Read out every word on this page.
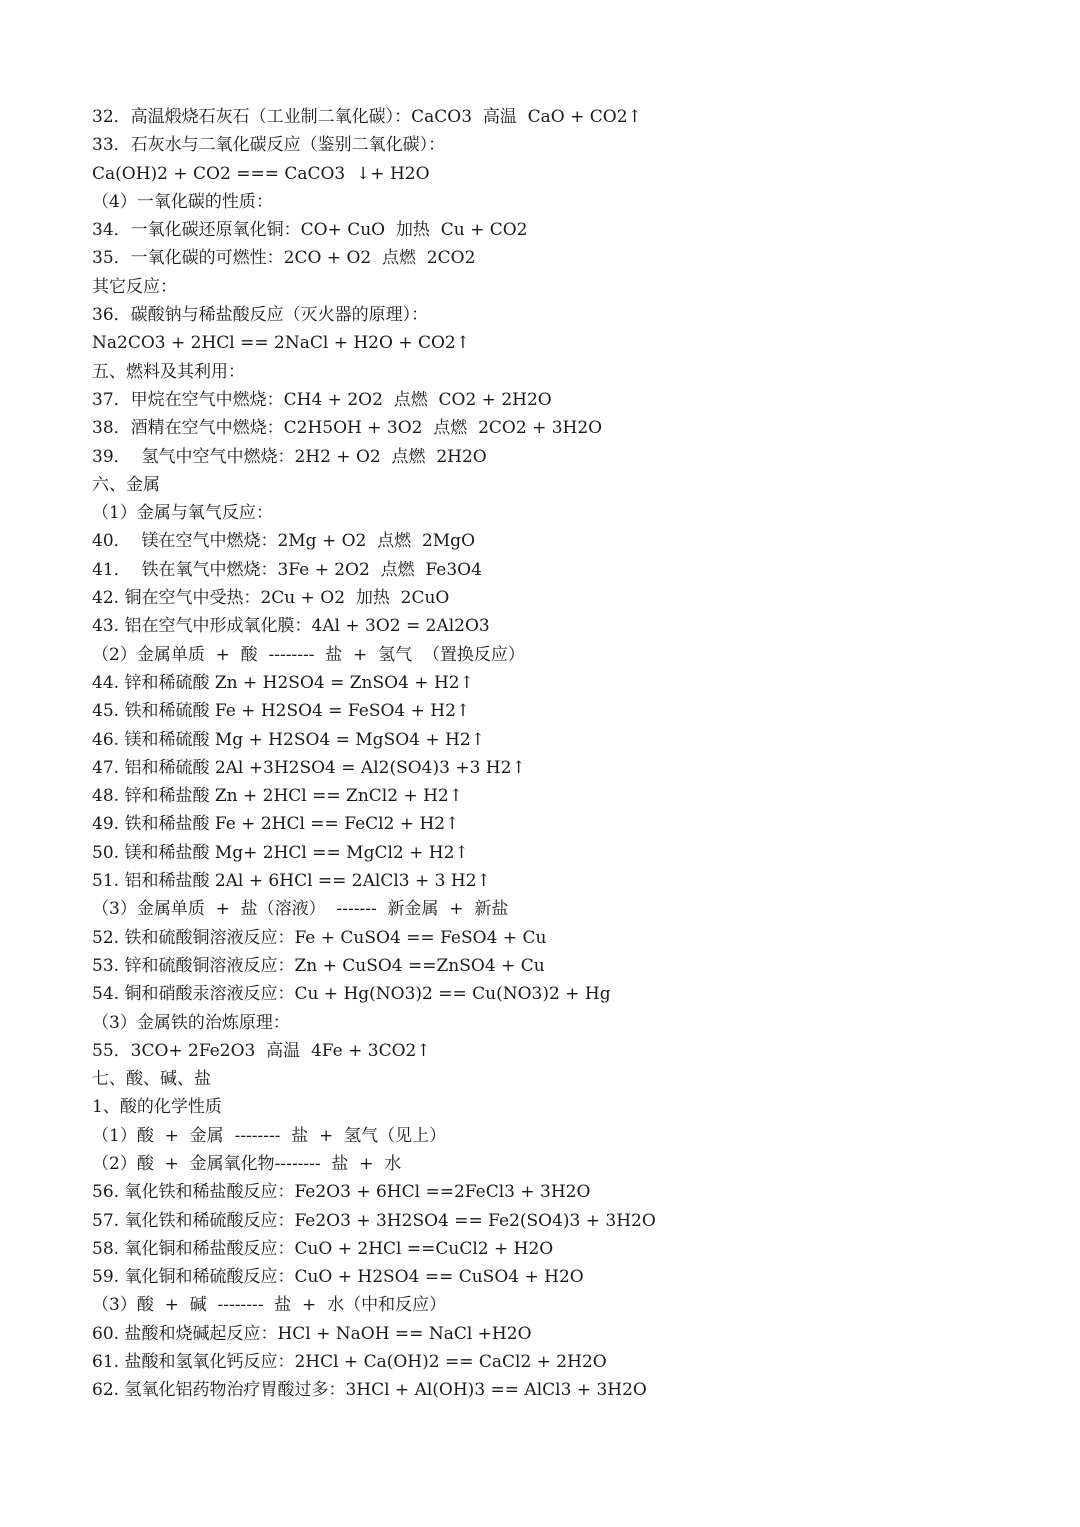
32．高温煅烧石灰石（工业制二氧化碳）：CaCO3  高温  CaO + CO2↑
33．石灰水与二氧化碳反应（鉴别二氧化碳）：
Ca(OH)2 + CO2 === CaCO3  ↓+ H2O
（4）一氧化碳的性质：
34．一氧化碳还原氧化铜：CO+ CuO  加热  Cu + CO2
35．一氧化碳的可燃性：2CO + O2  点燃  2CO2
其它反应：
36．碳酸钠与稀盐酸反应（灭火器的原理）：
Na2CO3 + 2HCl == 2NaCl + H2O + CO2↑
五、燃料及其利用：
37．甲烷在空气中燃烧：CH4 + 2O2  点燃  CO2 + 2H2O
38．酒精在空气中燃烧：C2H5OH + 3O2  点燃  2CO2 + 3H2O
39．  氢气中空气中燃烧：2H2 + O2  点燃  2H2O
六、金属
（1）金属与氧气反应：
40．  镁在空气中燃烧：2Mg + O2  点燃  2MgO
41．  铁在氧气中燃烧：3Fe + 2O2  点燃  Fe3O4
42. 铜在空气中受热：2Cu + O2  加热  2CuO
43. 铝在空气中形成氧化膜：4Al + 3O2 = 2Al2O3
（2）金属单质  +  酸  --------  盐  +  氢气  （置换反应）
44. 锌和稀硫酸 Zn + H2SO4 = ZnSO4 + H2↑
45. 铁和稀硫酸 Fe + H2SO4 = FeSO4 + H2↑
46. 镁和稀硫酸 Mg + H2SO4 = MgSO4 + H2↑
47. 铝和稀硫酸 2Al +3H2SO4 = Al2(SO4)3 +3 H2↑
48. 锌和稀盐酸 Zn + 2HCl == ZnCl2 + H2↑
49. 铁和稀盐酸 Fe + 2HCl == FeCl2 + H2↑
50. 镁和稀盐酸 Mg+ 2HCl == MgCl2 + H2↑
51. 铝和稀盐酸 2Al + 6HCl == 2AlCl3 + 3 H2↑
（3）金属单质  +  盐（溶液）  -------  新金属  +  新盐
52. 铁和硫酸铜溶液反应：Fe + CuSO4 == FeSO4 + Cu
53. 锌和硫酸铜溶液反应：Zn + CuSO4 ==ZnSO4 + Cu
54. 铜和硝酸汞溶液反应：Cu + Hg(NO3)2 == Cu(NO3)2 + Hg
（3）金属铁的治炼原理：
55．3CO+ 2Fe2O3  高温  4Fe + 3CO2↑
七、酸、碱、盐
1、酸的化学性质
（1）酸  +  金属  --------  盐  +  氢气（见上）
（2）酸  +  金属氧化物--------  盐  +  水
56. 氧化铁和稀盐酸反应：Fe2O3 + 6HCl ==2FeCl3 + 3H2O
57. 氧化铁和稀硫酸反应：Fe2O3 + 3H2SO4 == Fe2(SO4)3 + 3H2O
58. 氧化铜和稀盐酸反应：CuO + 2HCl ==CuCl2 + H2O
59. 氧化铜和稀硫酸反应：CuO + H2SO4 == CuSO4 + H2O
（3）酸  +  碱  --------  盐  +  水（中和反应）
60. 盐酸和烧碱起反应：HCl + NaOH == NaCl +H2O
61. 盐酸和氢氧化钙反应：2HCl + Ca(OH)2 == CaCl2 + 2H2O
62. 氢氧化铝药物治疗胃酸过多：3HCl + Al(OH)3 == AlCl3 + 3H2O
